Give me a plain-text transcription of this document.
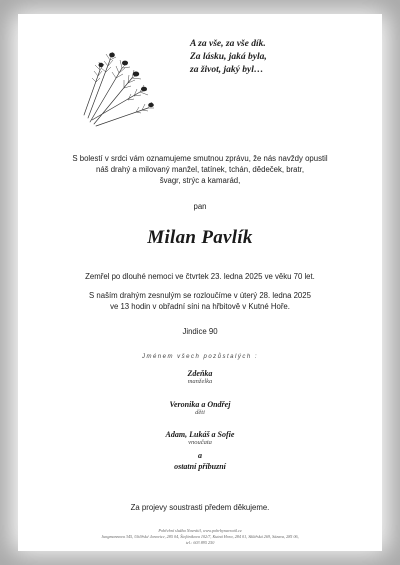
A za vše, za vše dík.
Za lásku, jaká byla,
za život, jaký byl…
S bolestí v srdci vám oznamujeme smutnou zprávu, že nás navždy opustil
náš drahý a milovaný manžel, tatínek, tchán, dědeček, bratr,
švagr, strýc a kamarád,
pan
Milan Pavlík
Zemřel po dlouhé nemoci ve čtvrtek 23. ledna 2025 ve věku 70 let.
S naším drahým zesnulým se rozloučíme v úterý 28. ledna 2025
ve 13 hodin v obřadní síni na hřbitově v Kutné Hoře.
Jindice 90
Jménem všech pozůstalých :
Zdeňka
manželka
Veronika a Ondřej
děti
Adam, Lukáš a Sofie
vnoučata
a
ostatní příbuzní
Za projevy soustrasti předem děkujeme.
Pohřební služba Navrátil, www.pohrbynavratil.cz
Jungmannova 345, Uhlířské Janovice, 285 04, Štefánikova 102/7, Kutná Hora, 284 01, Sklářská 269, Sázava, 285 06,
tel.: 603 895 250
